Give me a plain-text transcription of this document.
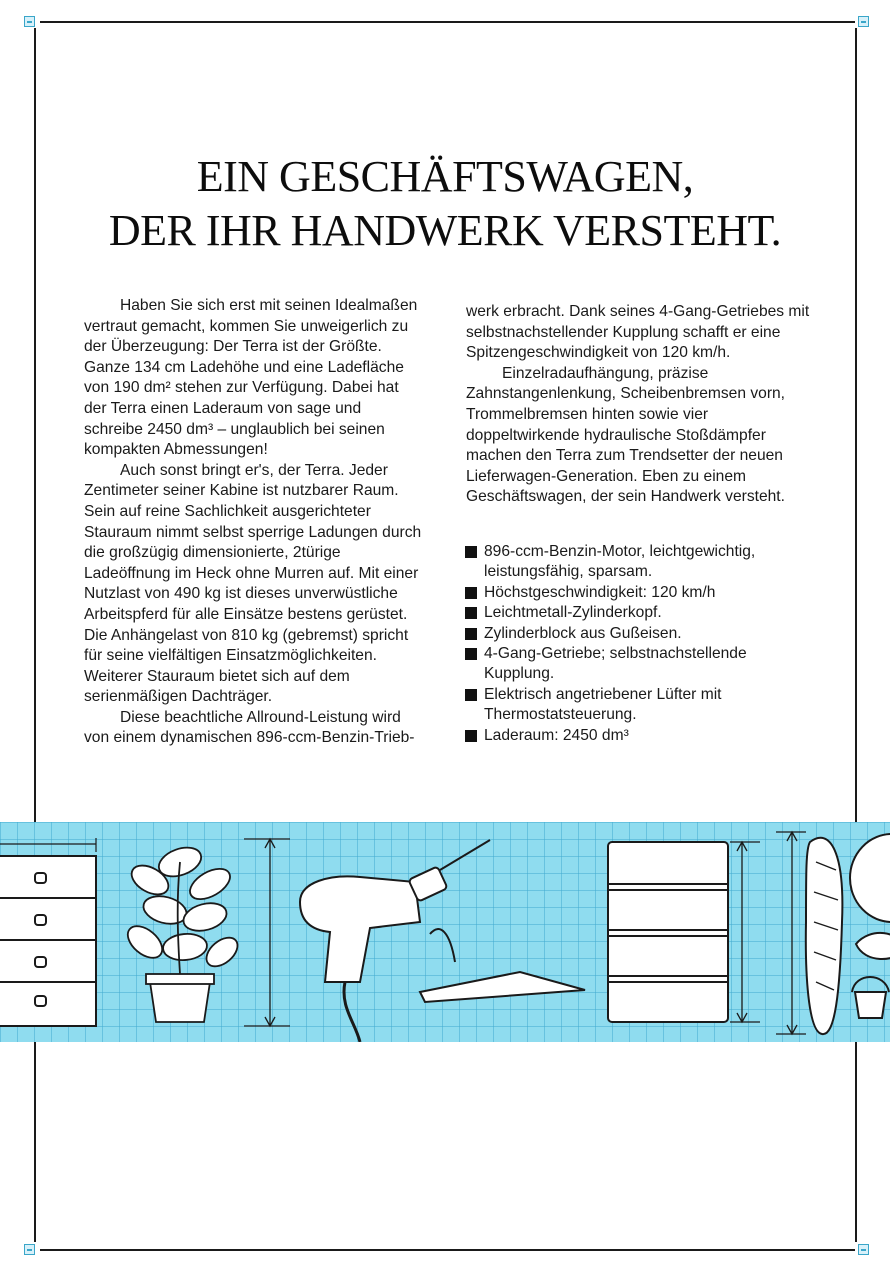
EIN GESCHÄFTSWAGEN,
DER IHR HANDWERK VERSTEHT.

Haben Sie sich erst mit seinen Idealmaßen vertraut gemacht, kommen Sie unweigerlich zu der Überzeugung: Der Terra ist der Größte. Ganze 134 cm Ladehöhe und eine Ladefläche von 190 dm² stehen zur Verfügung. Dabei hat der Terra einen Laderaum von sage und schreibe 2450 dm³ – unglaublich bei seinen kompakten Abmessungen!

Auch sonst bringt er's, der Terra. Jeder Zentimeter seiner Kabine ist nutzbarer Raum. Sein auf reine Sachlichkeit ausgerichteter Stauraum nimmt selbst sperrige Ladungen durch die großzügig dimensionierte, 2türige Ladeöffnung im Heck ohne Murren auf. Mit einer Nutzlast von 490 kg ist dieses unverwüstliche Arbeitspferd für alle Einsätze bestens gerüstet. Die Anhängelast von 810 kg (gebremst) spricht für seine vielfältigen Einsatzmöglichkeiten. Weiterer Stauraum bietet sich auf dem serienmäßigen Dachträger.

Diese beachtliche Allround-Leistung wird von einem dynamischen 896-ccm-Benzin-Trieb-

werk erbracht. Dank seines 4-Gang-Getriebes mit selbstnachstellender Kupplung schafft er eine Spitzengeschwindigkeit von 120 km/h.

Einzelradaufhängung, präzise Zahnstangenlenkung, Scheibenbremsen vorn, Trommelbremsen hinten sowie vier doppeltwirkende hydraulische Stoßdämpfer machen den Terra zum Trendsetter der neuen Lieferwagen-Generation. Eben zu einem Geschäftswagen, der sein Handwerk versteht.

896-ccm-Benzin-Motor, leichtgewichtig, leistungsfähig, sparsam.
Höchstgeschwindigkeit: 120 km/h
Leichtmetall-Zylinderkopf.
Zylinderblock aus Gußeisen.
4-Gang-Getriebe; selbstnachstellende Kupplung.
Elektrisch angetriebener Lüfter mit Thermostatsteuerung.
Laderaum: 2450 dm³
